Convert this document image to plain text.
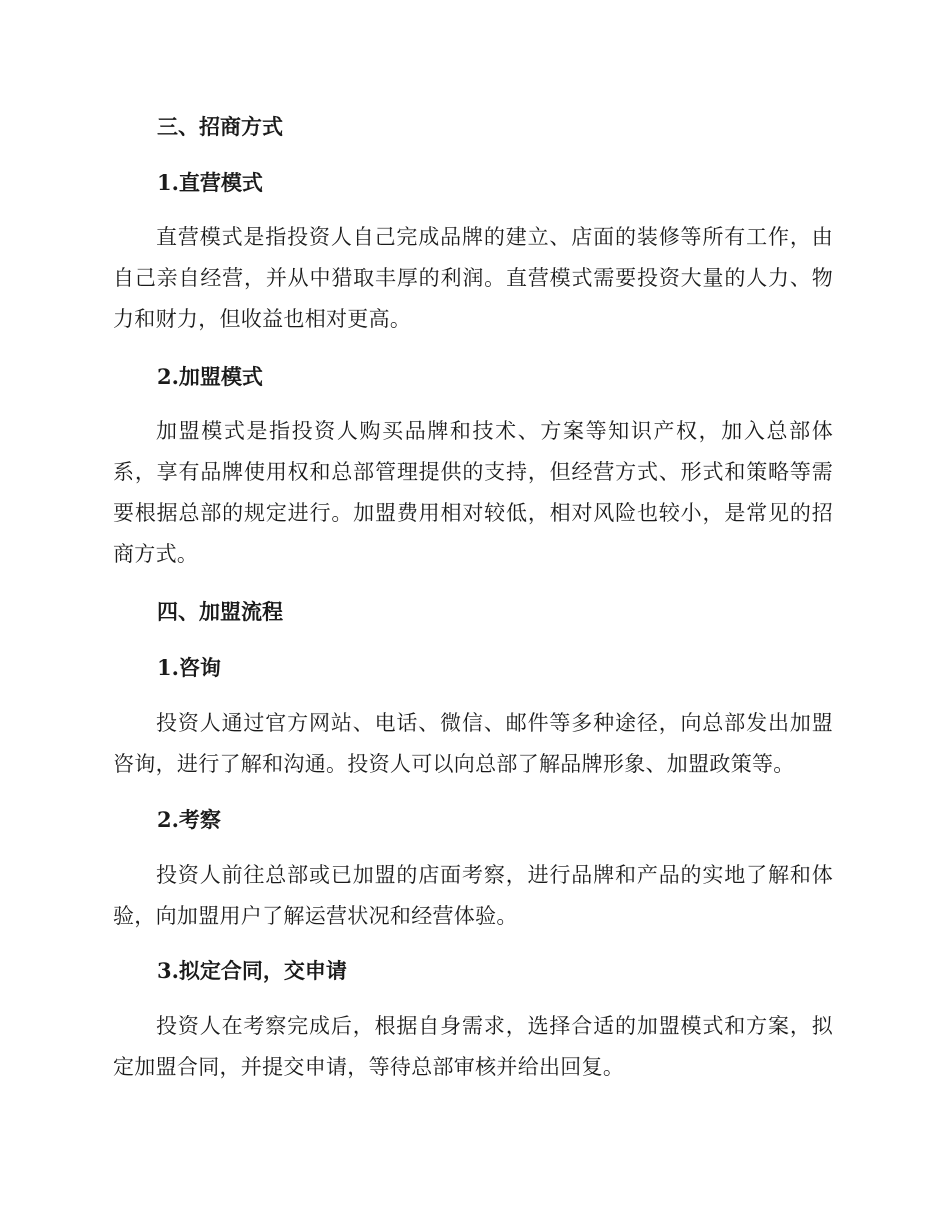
三、招商方式
1.直营模式
直营模式是指投资人自己完成品牌的建立、店面的装修等所有工作，由自己亲自经营，并从中猎取丰厚的利润。直营模式需要投资大量的人力、物力和财力，但收益也相对更高。
2.加盟模式
加盟模式是指投资人购买品牌和技术、方案等知识产权，加入总部体系，享有品牌使用权和总部管理提供的支持，但经营方式、形式和策略等需要根据总部的规定进行。加盟费用相对较低，相对风险也较小，是常见的招商方式。
四、加盟流程
1.咨询
投资人通过官方网站、电话、微信、邮件等多种途径，向总部发出加盟咨询，进行了解和沟通。投资人可以向总部了解品牌形象、加盟政策等。
2.考察
投资人前往总部或已加盟的店面考察，进行品牌和产品的实地了解和体验，向加盟用户了解运营状况和经营体验。
3.拟定合同，交申请
投资人在考察完成后，根据自身需求，选择合适的加盟模式和方案，拟定加盟合同，并提交申请，等待总部审核并给出回复。
